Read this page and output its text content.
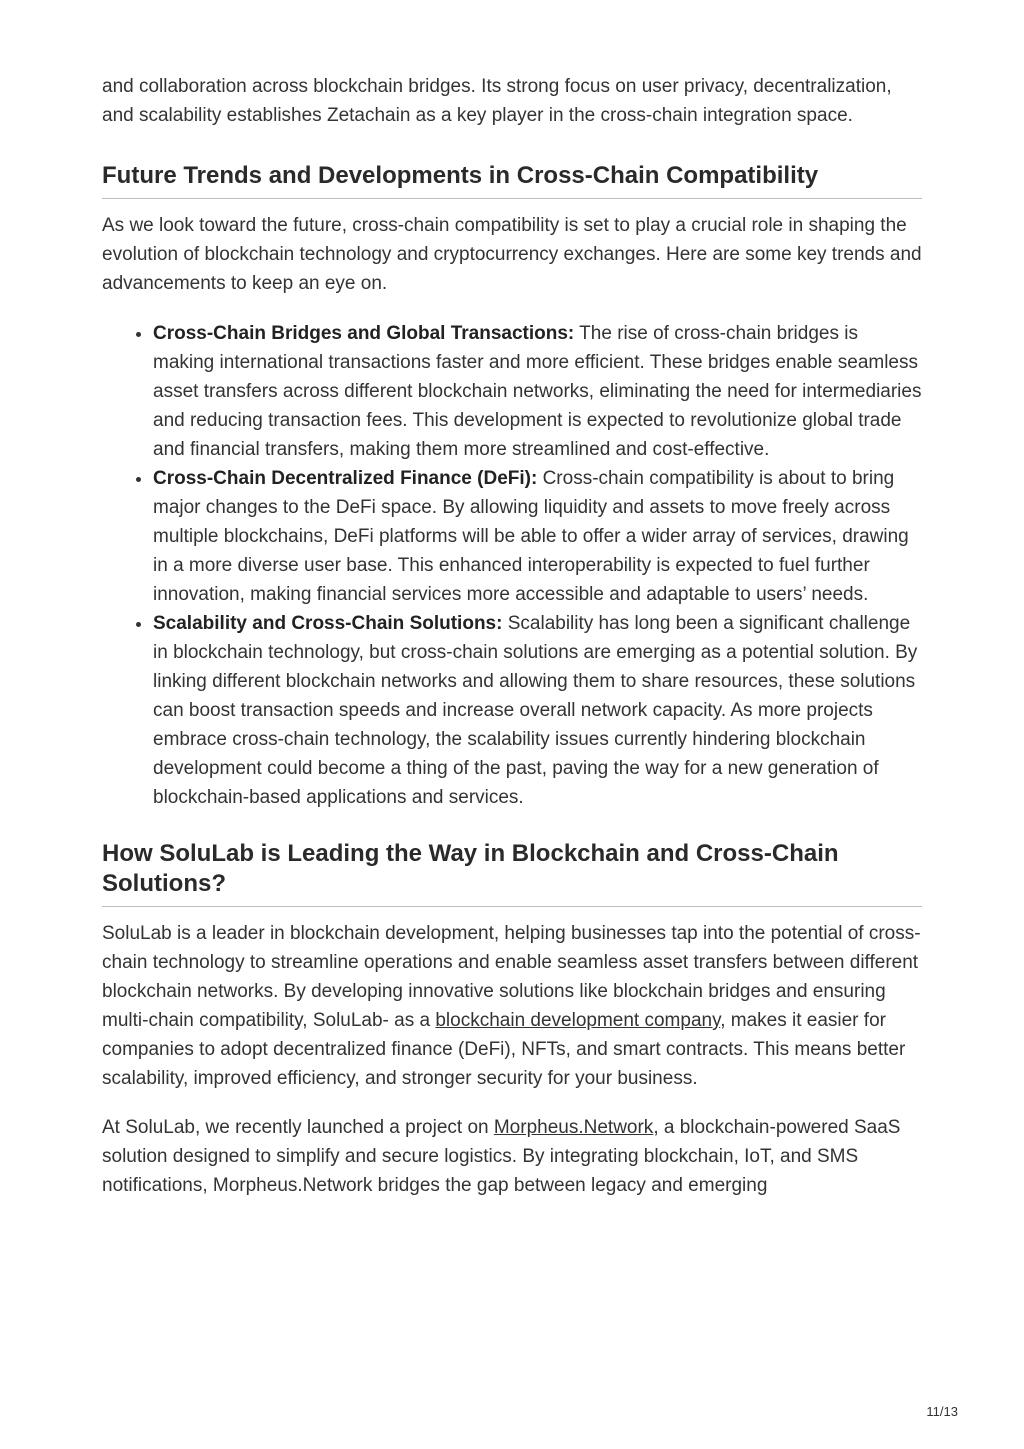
and collaboration across blockchain bridges. Its strong focus on user privacy, decentralization, and scalability establishes Zetachain as a key player in the cross-chain integration space.

Future Trends and Developments in Cross-Chain Compatibility

As we look toward the future, cross-chain compatibility is set to play a crucial role in shaping the evolution of blockchain technology and cryptocurrency exchanges. Here are some key trends and advancements to keep an eye on.

• Cross-Chain Bridges and Global Transactions: The rise of cross-chain bridges is making international transactions faster and more efficient. These bridges enable seamless asset transfers across different blockchain networks, eliminating the need for intermediaries and reducing transaction fees. This development is expected to revolutionize global trade and financial transfers, making them more streamlined and cost-effective.
• Cross-Chain Decentralized Finance (DeFi): Cross-chain compatibility is about to bring major changes to the DeFi space. By allowing liquidity and assets to move freely across multiple blockchains, DeFi platforms will be able to offer a wider array of services, drawing in a more diverse user base. This enhanced interoperability is expected to fuel further innovation, making financial services more accessible and adaptable to users’ needs.
• Scalability and Cross-Chain Solutions: Scalability has long been a significant challenge in blockchain technology, but cross-chain solutions are emerging as a potential solution. By linking different blockchain networks and allowing them to share resources, these solutions can boost transaction speeds and increase overall network capacity. As more projects embrace cross-chain technology, the scalability issues currently hindering blockchain development could become a thing of the past, paving the way for a new generation of blockchain-based applications and services.
How SoluLab is Leading the Way in Blockchain and Cross-Chain Solutions?

SoluLab is a leader in blockchain development, helping businesses tap into the potential of cross-chain technology to streamline operations and enable seamless asset transfers between different blockchain networks. By developing innovative solutions like blockchain bridges and ensuring multi-chain compatibility, SoluLab- as a blockchain development company, makes it easier for companies to adopt decentralized finance (DeFi), NFTs, and smart contracts. This means better scalability, improved efficiency, and stronger security for your business.

At SoluLab, we recently launched a project on Morpheus.Network, a blockchain-powered SaaS solution designed to simplify and secure logistics. By integrating blockchain, IoT, and SMS notifications, Morpheus.Network bridges the gap between legacy and emerging

11/13
